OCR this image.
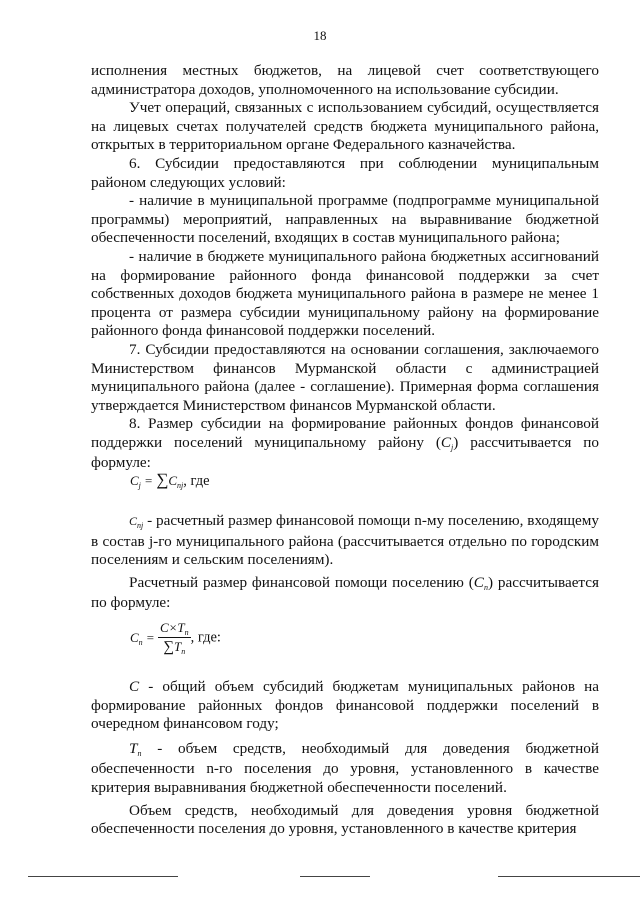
18

исполнения местных бюджетов, на лицевой счет соответствующего администратора доходов, уполномоченного на использование субсидии.

Учет операций, связанных с использованием субсидий, осуществляется на лицевых счетах получателей средств бюджета муниципального района, открытых в территориальном органе Федерального казначейства.

6. Субсидии предоставляются при соблюдении муниципальным районом следующих условий:

- наличие в муниципальной программе (подпрограмме муниципальной программы) мероприятий, направленных на выравнивание бюджетной обеспеченности поселений, входящих в состав муниципального района;

- наличие в бюджете муниципального района бюджетных ассигнований на формирование районного фонда финансовой поддержки за счет собственных доходов бюджета муниципального района в размере не менее 1 процента от размера субсидии муниципальному району на формирование районного фонда финансовой поддержки поселений.

7. Субсидии предоставляются на основании соглашения, заключаемого Министерством финансов Мурманской области с администрацией муниципального района (далее - соглашение). Примерная форма соглашения утверждается Министерством финансов Мурманской области.

8. Размер субсидии на формирование районных фондов финансовой поддержки поселений муниципальному району (Cj) рассчитывается по формуле:

$C_j = \sum C_{nj}$, где

$C_{nj}$ - расчетный размер финансовой помощи n-му поселению, входящему в состав j-го муниципального района (рассчитывается отдельно по городским поселениям и сельским поселениям).

Расчетный размер финансовой помощи поселению (Cn) рассчитывается по формуле:

$C_n = \frac{C\times T_n}{\sum T_n}$ , где:

C - общий объем субсидий бюджетам муниципальных районов на формирование районных фондов финансовой поддержки поселений в очередном финансовом году;

Tn - объем средств, необходимый для доведения бюджетной обеспеченности n-го поселения до уровня, установленного в качестве критерия выравнивания бюджетной обеспеченности поселений.

Объем средств, необходимый для доведения уровня бюджетной обеспеченности поселения до уровня, установленного в качестве критерия
